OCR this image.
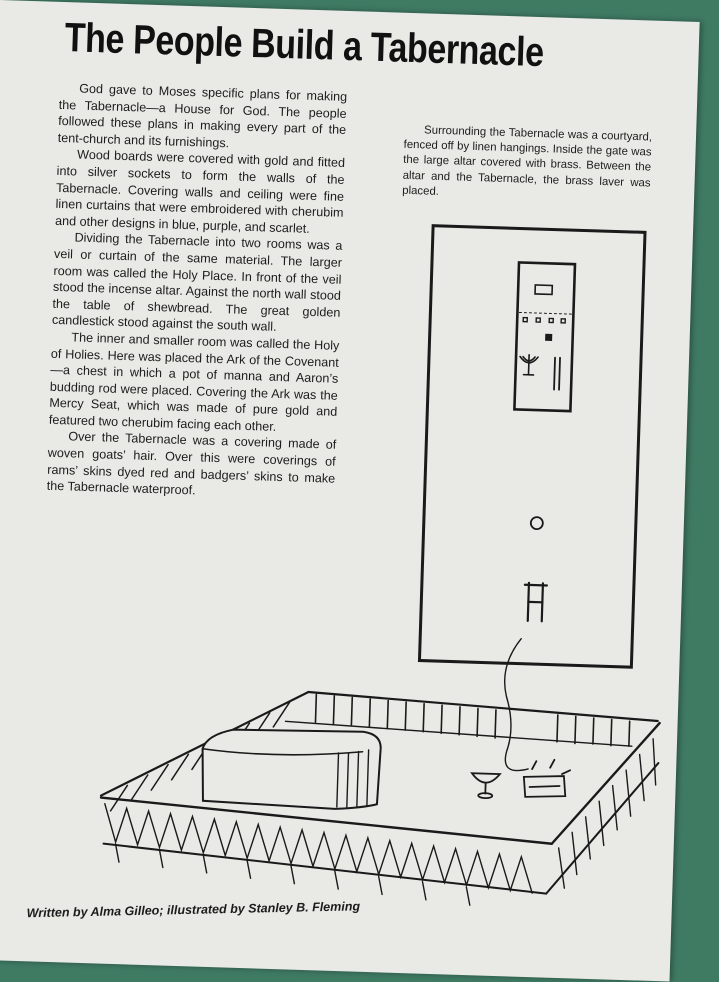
The People Build a Tabernacle

God gave to Moses specific plans for making the Tabernacle—a House for God. The people followed these plans in making every part of the tent-church and its furnishings.

Wood boards were covered with gold and fitted into silver sockets to form the walls of the Tabernacle. Covering walls and ceiling were fine linen curtains that were embroidered with cherubim and other designs in blue, purple, and scarlet.

Dividing the Tabernacle into two rooms was a veil or curtain of the same material. The larger room was called the Holy Place. In front of the veil stood the incense altar. Against the north wall stood the table of shewbread. The great golden candlestick stood against the south wall.

The inner and smaller room was called the Holy of Holies. Here was placed the Ark of the Covenant—a chest in which a pot of manna and Aaron’s budding rod were placed. Covering the Ark was the Mercy Seat, which was made of pure gold and featured two cherubim facing each other.

Over the Tabernacle was a covering made of woven goats’ hair. Over this were coverings of rams’ skins dyed red and badgers’ skins to make the Tabernacle waterproof.

Surrounding the Tabernacle was a courtyard, fenced off by linen hangings. Inside the gate was the large altar covered with brass. Between the altar and the Tabernacle, the brass laver was placed.

Written by Alma Gilleo; illustrated by Stanley B. Fleming
